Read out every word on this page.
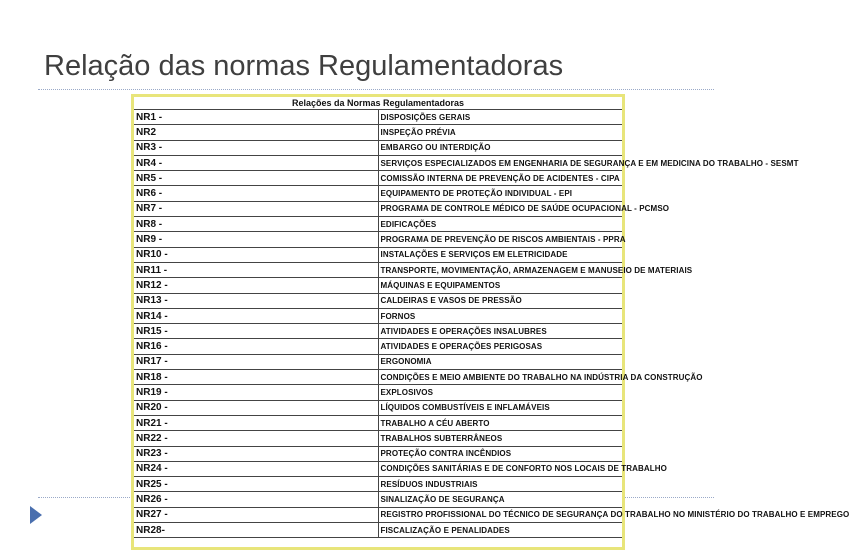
Relação das normas Regulamentadoras
Relações da Normas Regulamentadoras	
NR1 -	DISPOSIÇÕES GERAIS
NR2	INSPEÇÃO PRÉVIA
NR3 -	EMBARGO OU INTERDIÇÃO
NR4 -	SERVIÇOS ESPECIALIZADOS EM ENGENHARIA DE SEGURANÇA E EM MEDICINA DO TRABALHO - SESMT
NR5 -	COMISSÃO INTERNA DE PREVENÇÃO DE ACIDENTES - CIPA
NR6 -	EQUIPAMENTO DE PROTEÇÃO INDIVIDUAL - EPI
NR7 -	PROGRAMA DE CONTROLE MÉDICO DE SAÚDE OCUPACIONAL - PCMSO
NR8 -	EDIFICAÇÕES
NR9 -	PROGRAMA DE PREVENÇÃO DE RISCOS AMBIENTAIS - PPRA
NR10 -	INSTALAÇÕES E SERVIÇOS EM ELETRICIDADE
NR11 -	TRANSPORTE, MOVIMENTAÇÃO, ARMAZENAGEM E MANUSEIO DE MATERIAIS
NR12 -	MÁQUINAS E EQUIPAMENTOS
NR13 -	CALDEIRAS E VASOS DE PRESSÃO
NR14 -	FORNOS
NR15 -	ATIVIDADES E OPERAÇÕES INSALUBRES
NR16 -	ATIVIDADES E OPERAÇÕES PERIGOSAS
NR17 -	ERGONOMIA
NR18 -	CONDIÇÕES E MEIO AMBIENTE DO TRABALHO NA INDÚSTRIA DA CONSTRUÇÃO
NR19 -	EXPLOSIVOS
NR20 -	LÍQUIDOS COMBUSTÍVEIS E INFLAMÁVEIS
NR21 -	TRABALHO A CÉU ABERTO
NR22 -	TRABALHOS SUBTERRÂNEOS
NR23 -	PROTEÇÃO CONTRA INCÊNDIOS
NR24 -	CONDIÇÕES SANITÁRIAS E DE CONFORTO NOS LOCAIS DE TRABALHO
NR25 -	RESÍDUOS INDUSTRIAIS
NR26 -	SINALIZAÇÃO DE SEGURANÇA
NR27 -	REGISTRO PROFISSIONAL DO TÉCNICO DE SEGURANÇA DO TRABALHO NO MINISTÉRIO DO TRABALHO E EMPREGO
NR28-	FISCALIZAÇÃO E PENALIDADES
